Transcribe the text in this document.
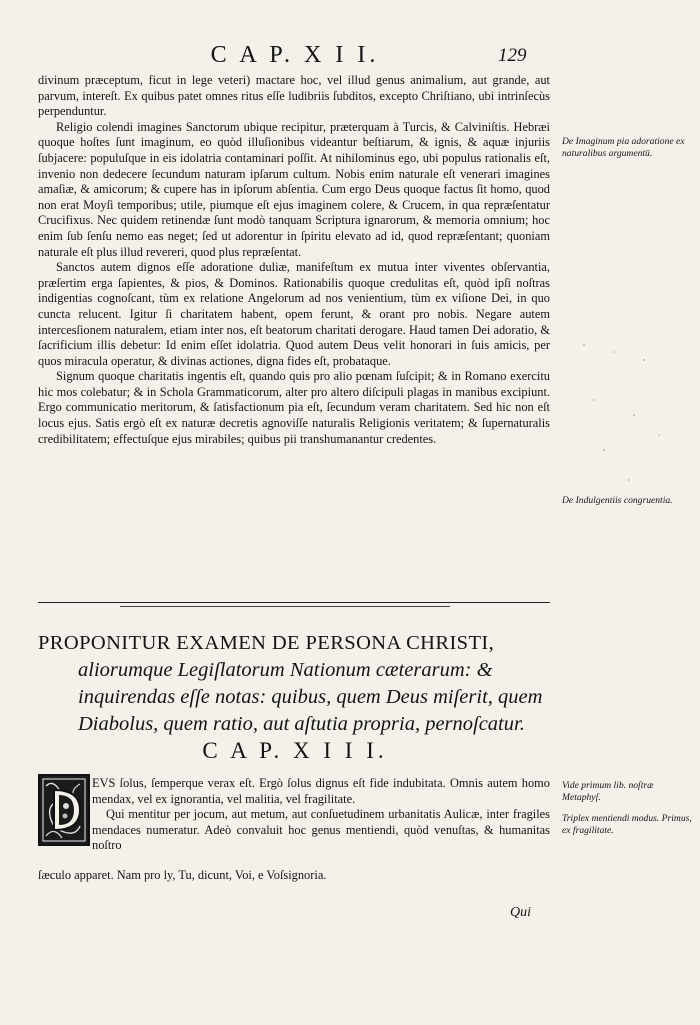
C A P. X I I.	129

divinum præceptum, ficut in lege veteri) mactare hoc, vel illud genus animalium, aut grande, aut parvum, intereſt. Ex quibus patet omnes ritus eſſe ludibriis ſubditos, excepto Chriſtiano, ubi intrinſecùs perpenduntur.

Religio colendi imagines Sanctorum ubique recipitur, præterquam à Turcis, & Calviniſtis. Hebræi quoque hoſtes ſunt imaginum, eo quòd illuſionibus videantur beſtiarum, & ignis, & aquæ injuriis ſubjacere: populuſque in eis idolatria contaminari poſſit. At nihilominus ego, ubi populus rationalis eſt, invenio non dedecere ſecundum naturam ipſarum cultum. Nobis enim naturale eſt venerari imagines amaſiæ, & amicorum; & cupere has in ipſorum abſentia. Cum ergo Deus quoque factus ſit homo, quod non erat Moyſi temporibus; utile, piumque eſt ejus imaginem colere, & Crucem, in qua repræſentatur Crucifixus. Nec quidem retinendæ ſunt modò tanquam Scriptura ignarorum, & memoria omnium; hoc enim ſub ſenſu nemo eas neget; ſed ut adorentur in ſpiritu elevato ad id, quod repræſentant; quoniam naturale eſt plus illud revereri, quod plus repræſentat.

Sanctos autem dignos eſſe adoratione duliæ, manifeſtum ex mutua inter viventes obſervantia, præſertim erga ſapientes, & pios, & Dominos. Rationabilis quoque credulitas eſt, quòd ipſi noſtras indigentias cognoſcant, tùm ex relatione Angelorum ad nos venientium, tùm ex viſione Dei, in quo cuncta relucent. Igitur ſi charitatem habent, opem ferunt, & orant pro nobis. Negare autem intercesſionem naturalem, etiam inter nos, eſt beatorum charitati derogare. Haud tamen Dei adoratio, & ſacrificium illis debetur: Id enim eſſet idolatria. Quod autem Deus velit honorari in ſuis amicis, per quos miracula operatur, & divinas actiones, digna fides eſt, probataque.

Signum quoque charitatis ingentis eſt, quando quis pro alio pœnam ſuſcipit; & in Romano exercitu hic mos colebatur; & in Schola Grammaticorum, alter pro altero diſcipuli plagas in manibus excipiunt. Ergo communicatio meritorum, & ſatisfactionum pia eſt, ſecundum veram charitatem. Sed hic non eſt locus ejus. Satis ergò eſt ex naturæ decretis agnoviſſe naturalis Religionis veritatem; & ſupernaturalis credibilitatem; effectuſque ejus mirabiles; quibus pii transhumanantur credentes.

PROPONITUR EXAMEN DE PERSONA CHRISTI,
aliorumque Legiſlatorum Nationum cæterarum: & inquirendas eſſe notas: quibus, quem Deus miſerit, quem Diabolus, quem ratio, aut aſtutia propria, pernoſcatur.
C A P. X I I I.

EVS ſolus, ſemperque verax eſt. Ergò ſolus dignus eſt fide indubitata. Omnis autem homo mendax, vel ex ignorantia, vel malitia, vel fragilitate.

Qui mentitur per jocum, aut metum, aut conſuetudinem urbanitatis Aulicæ, inter fragiles mendaces numeratur. Adeò convaluit hoc genus mentiendi, quòd venuſtas, & humanitas noſtro

ſæculo apparet. Nam pro ly, Tu, dicunt, Voi, e Voſsignoria.
Qui
De Imaginum pia adoratione ex naturalibus argumentū.
De Indulgentiis congruentia.
Vide primum lib. noſtræ Metaphyſ.
Triplex mentiendi modus. Primus, ex fragilitate.
